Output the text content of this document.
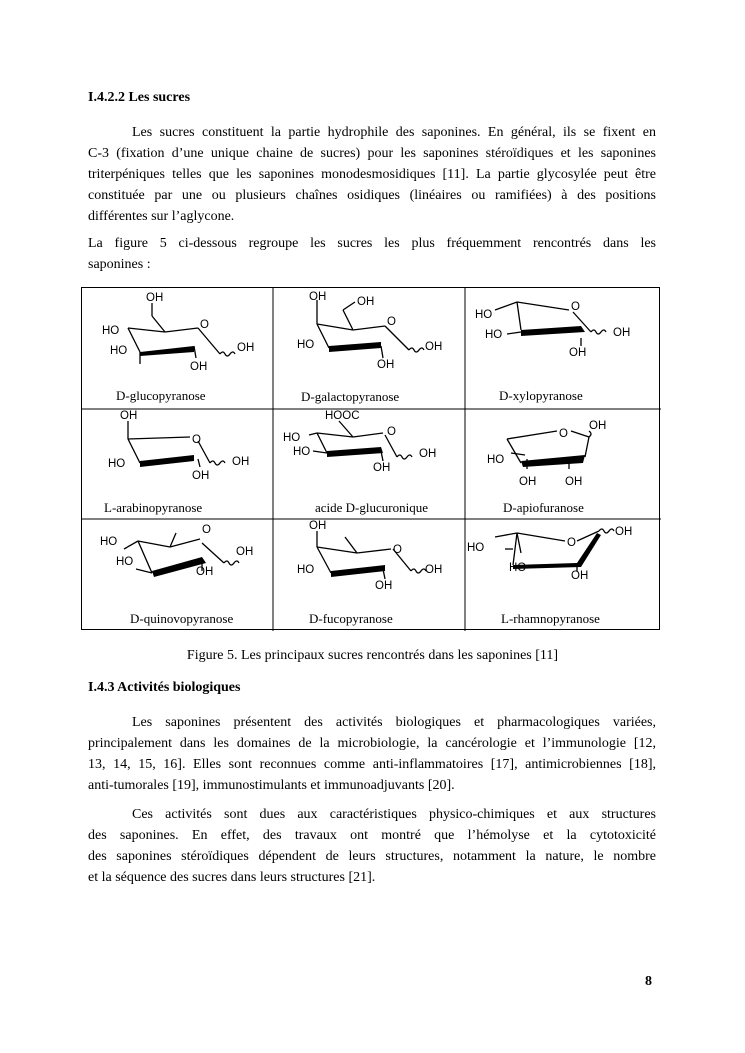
I.4.2.2 Les sucres

Les sucres constituent la partie hydrophile des saponines. En général, ils se fixent en
C-3 (fixation d’une unique chaine de sucres) pour les saponines stéroïdiques et les saponines
triterpéniques telles que les saponines monodesmosidiques [11]. La partie glycosylée peut être
constituée par une ou plusieurs chaînes osidiques (linéaires ou ramifiées) à des positions
différentes sur l’aglycone.

La figure 5 ci-dessous regroupe les sucres les plus fréquemment rencontrés dans les
saponines :

OH
O
HO
HO	OH
OH
D-glucopyranose
OH	OH
O
HO	OH
OH
D-galactopyranose
O
HO
HO	OH
OH
D-xylopyranose
OH
O
HO	OH
OH
L-arabinopyranose
HOOC
O
HO
HO	OH
OH
acide D-glucuronique
O
OH
HO
OH	OH
D-apiofuranose
O
HO
HO
OH
OH
D-quinovopyranose
OH
O
HO	OH
OH
D-fucopyranose
O
OH
HO
HO
OH
L-rhamnopyranose
Figure 5. Les principaux sucres rencontrés dans les saponines [11]
I.4.3 Activités biologiques

Les saponines présentent des activités biologiques et pharmacologiques variées,
principalement dans les domaines de la microbiologie, la cancérologie et l’immunologie [12,
13, 14, 15, 16]. Elles sont reconnues comme anti-inflammatoires [17], antimicrobiennes [18],
anti-tumorales [19], immunostimulants et immunoadjuvants [20].

Ces activités sont dues aux caractéristiques physico-chimiques et aux structures
des saponines. En effet, des travaux ont montré que l’hémolyse et la cytotoxicité
des saponines stéroïdiques dépendent de leurs structures, notamment la nature, le nombre
et la séquence des sucres dans leurs structures [21].

8
